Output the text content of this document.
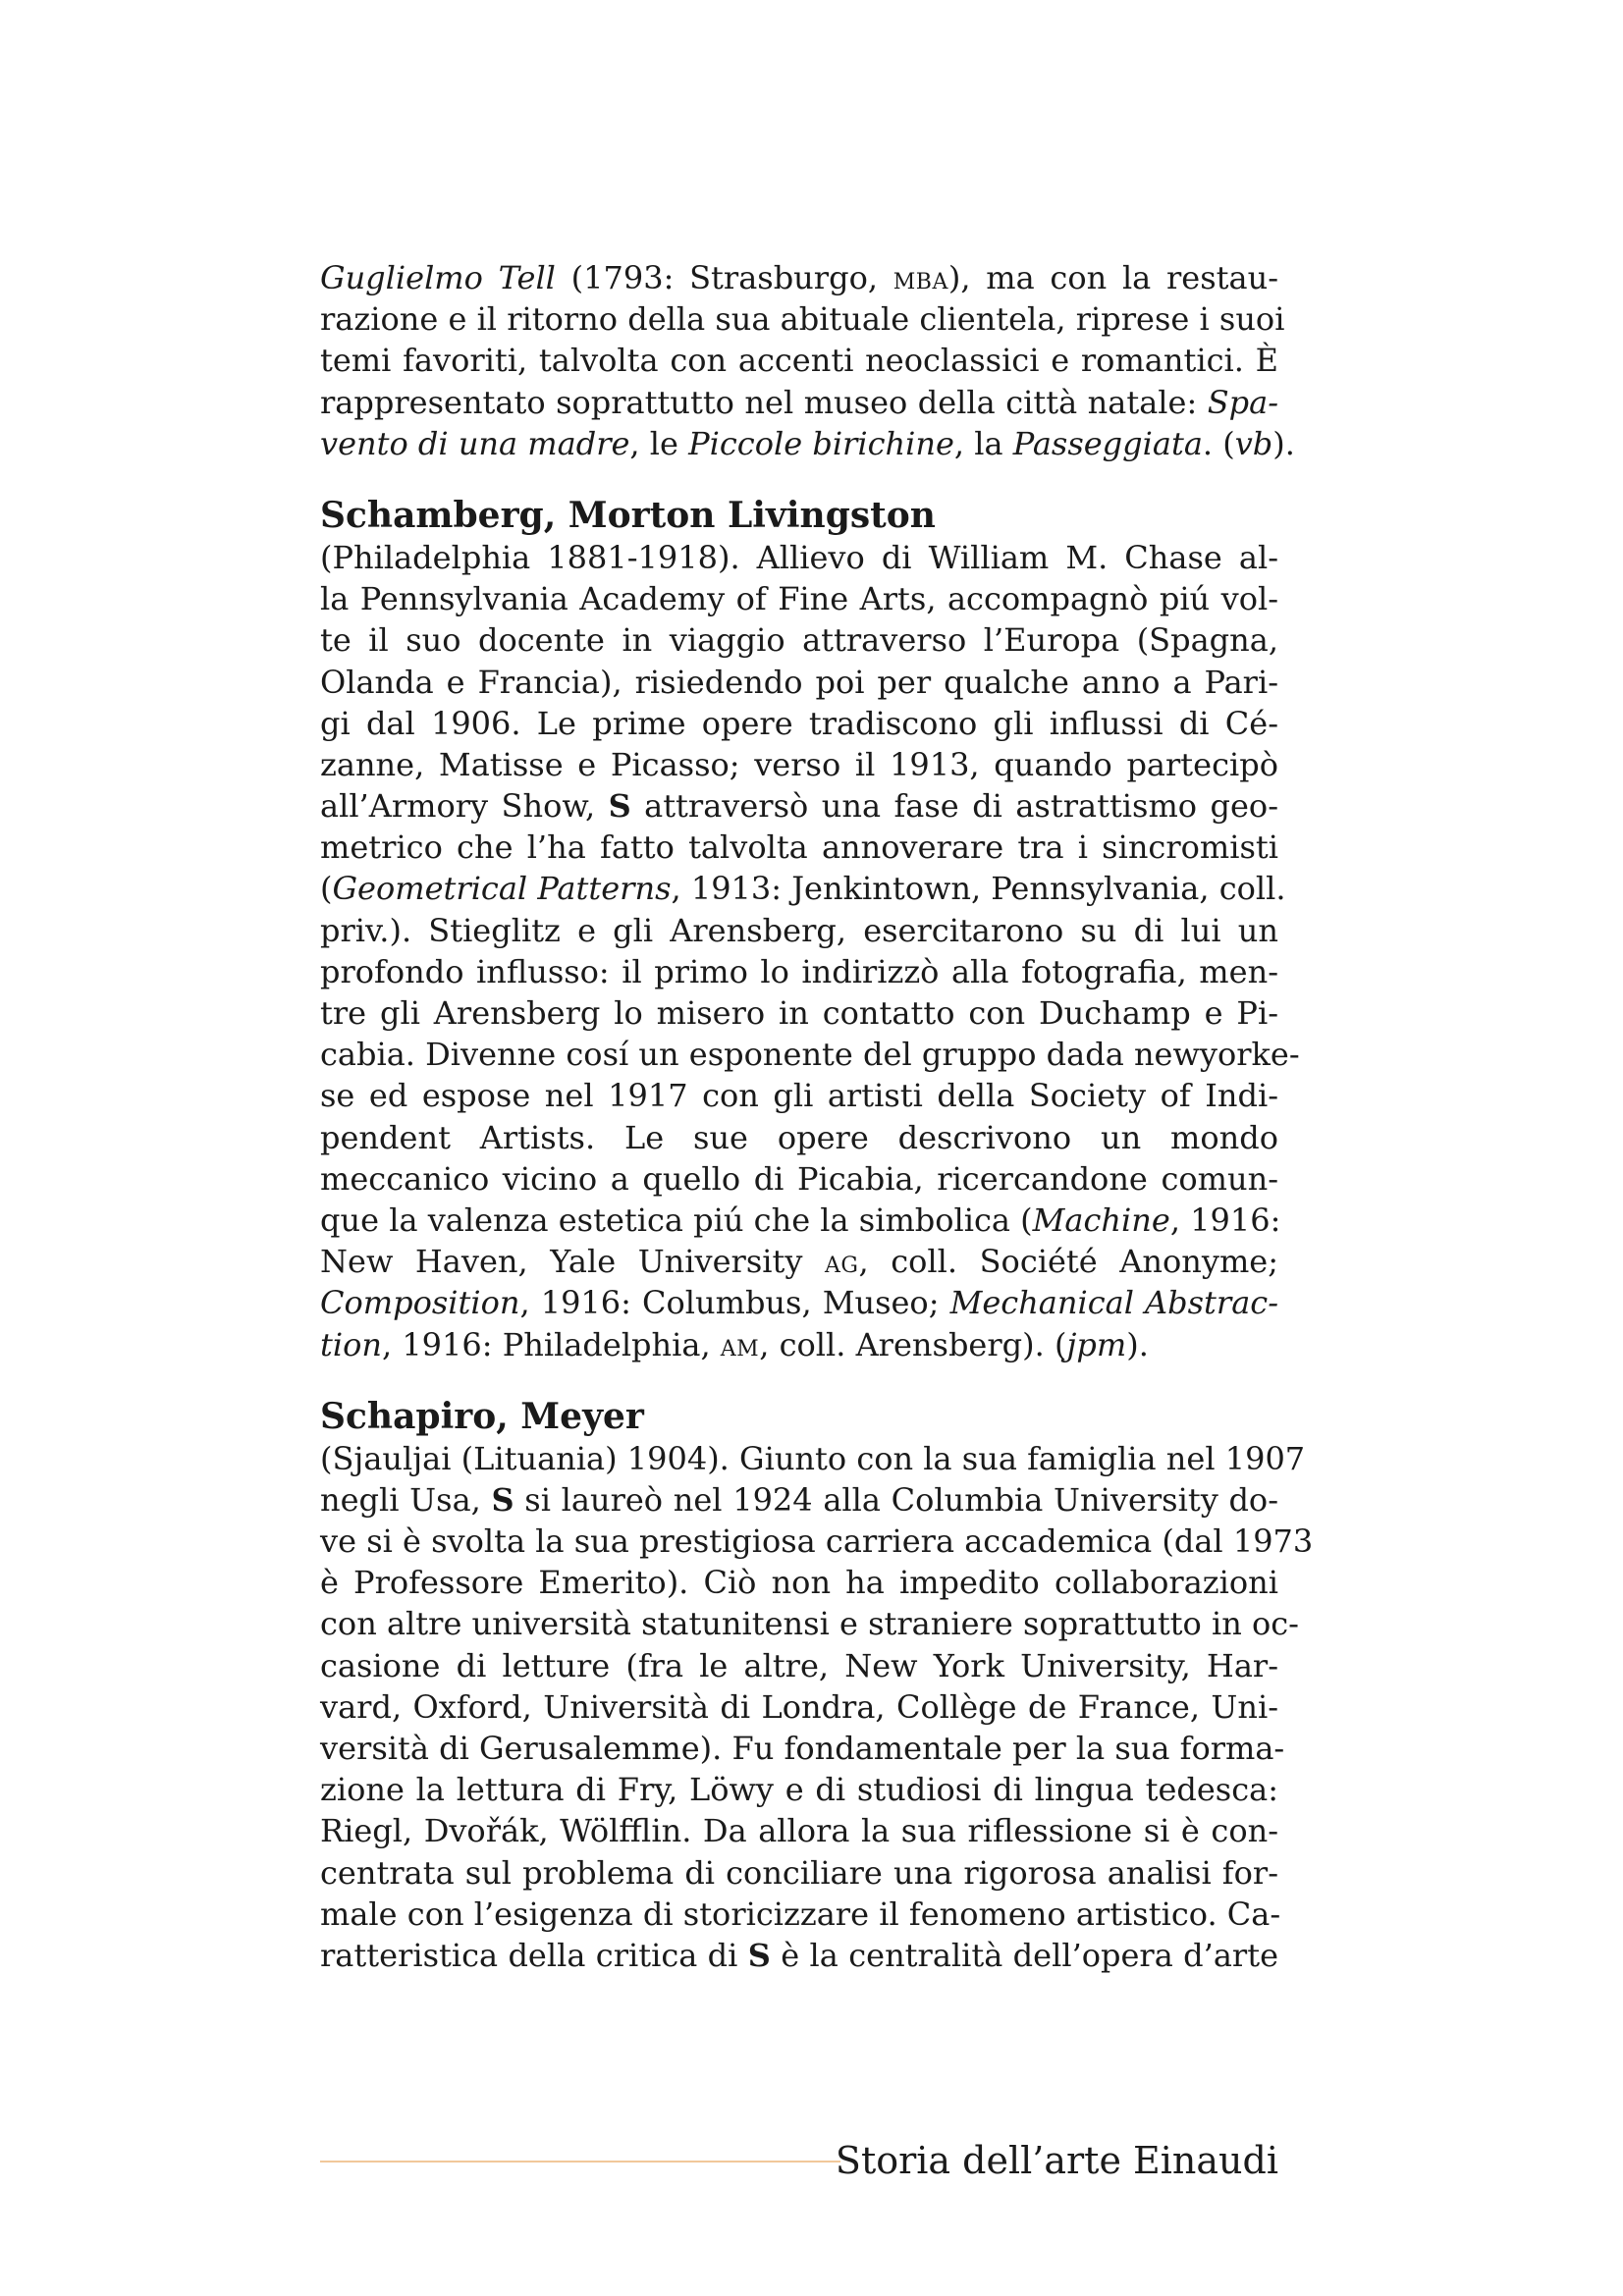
Guglielmo Tell (1793: Strasburgo, mba), ma con la restau-
razione e il ritorno della sua abituale clientela, riprese i suoi
temi favoriti, talvolta con accenti neoclassici e romantici. È
rappresentato soprattutto nel museo della città natale: Spa-
vento di una madre, le Piccole birichine, la Passeggiata. (vb).
Schamberg, Morton Livingston
(Philadelphia 1881-1918). Allievo di William M. Chase al-
la Pennsylvania Academy of Fine Arts, accompagnò piú vol-
te il suo docente in viaggio attraverso l’Europa (Spagna,
Olanda e Francia), risiedendo poi per qualche anno a Pari-
gi dal 1906. Le prime opere tradiscono gli influssi di Cé-
zanne, Matisse e Picasso; verso il 1913, quando partecipò
all’Armory Show, S attraversò una fase di astrattismo geo-
metrico che l’ha fatto talvolta annoverare tra i sincromisti
(Geometrical Patterns, 1913: Jenkintown, Pennsylvania, coll.
priv.). Stieglitz e gli Arensberg, esercitarono su di lui un
profondo influsso: il primo lo indirizzò alla fotografia, men-
tre gli Arensberg lo misero in contatto con Duchamp e Pi-
cabia. Divenne cosí un esponente del gruppo dada newyorke-
se ed espose nel 1917 con gli artisti della Society of Indi-
pendent Artists. Le sue opere descrivono un mondo
meccanico vicino a quello di Picabia, ricercandone comun-
que la valenza estetica piú che la simbolica (Machine, 1916:
New Haven, Yale University ag, coll. Société Anonyme;
Composition, 1916: Columbus, Museo; Mechanical Abstrac-
tion, 1916: Philadelphia, am, coll. Arensberg). (jpm).
Schapiro, Meyer
(Sjauljai (Lituania) 1904). Giunto con la sua famiglia nel 1907
negli Usa, S si laureò nel 1924 alla Columbia University do-
ve si è svolta la sua prestigiosa carriera accademica (dal 1973
è Professore Emerito). Ciò non ha impedito collaborazioni
con altre università statunitensi e straniere soprattutto in oc-
casione di letture (fra le altre, New York University, Har-
vard, Oxford, Università di Londra, Collège de France, Uni-
versità di Gerusalemme). Fu fondamentale per la sua forma-
zione la lettura di Fry, Löwy e di studiosi di lingua tedesca:
Riegl, Dvořák, Wölfflin. Da allora la sua riflessione si è con-
centrata sul problema di conciliare una rigorosa analisi for-
male con l’esigenza di storicizzare il fenomeno artistico. Ca-
ratteristica della critica di S è la centralità dell’opera d’arte
Storia dell’arte Einaudi
